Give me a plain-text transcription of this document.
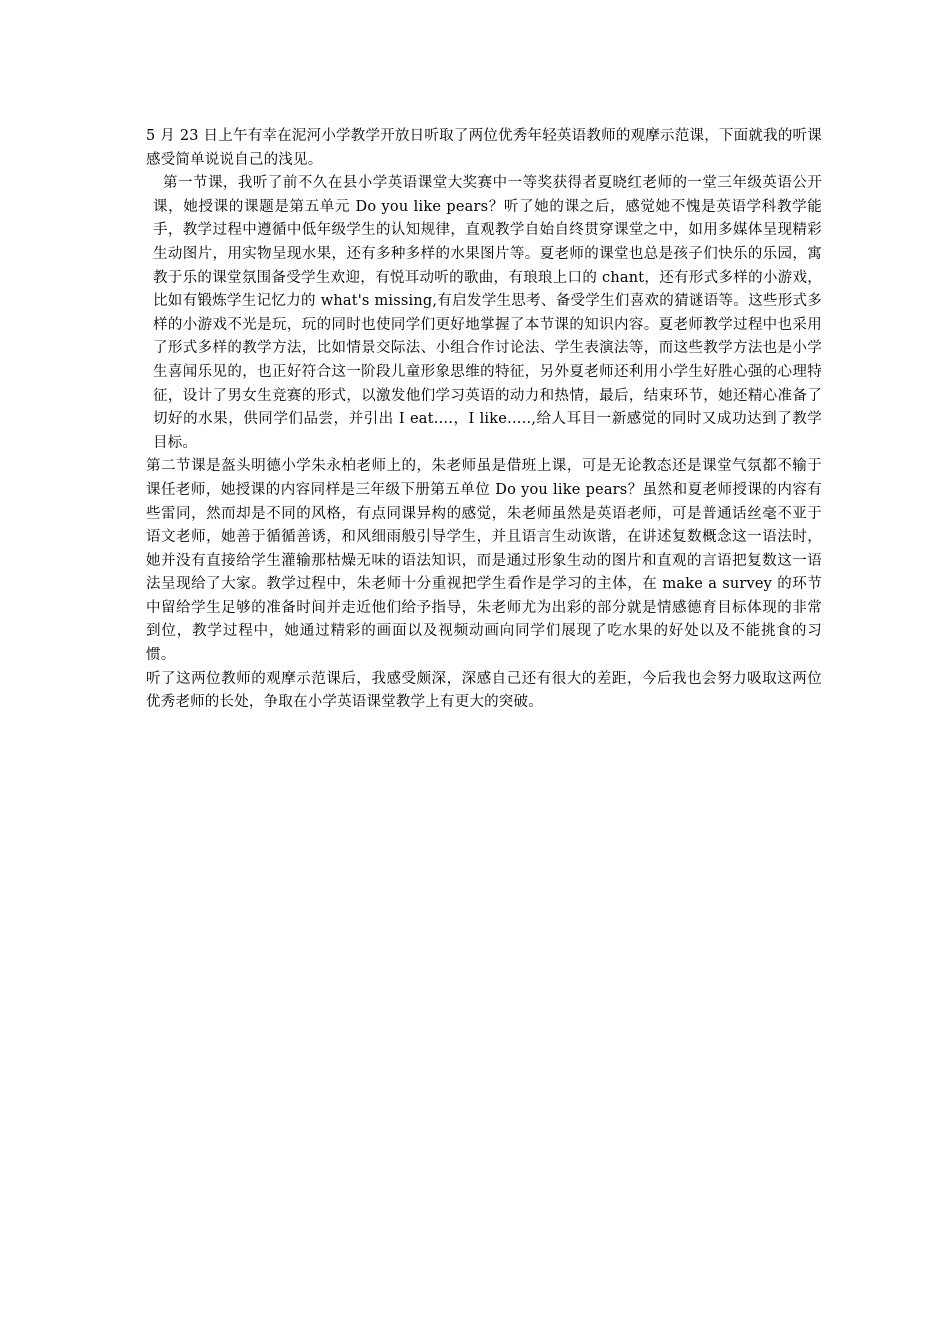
5 月 23 日上午有幸在泥河小学教学开放日听取了两位优秀年轻英语教师的观摩示范课，下面就我的听课感受简单说说自己的浅见。

第一节课，我听了前不久在县小学英语课堂大奖赛中一等奖获得者夏晓红老师的一堂三年级英语公开课，她授课的课题是第五单元 Do you like pears？听了她的课之后，感觉她不愧是英语学科教学能手，教学过程中遵循中低年级学生的认知规律，直观教学自始自终贯穿课堂之中，如用多媒体呈现精彩生动图片，用实物呈现水果，还有多种多样的水果图片等。夏老师的课堂也总是孩子们快乐的乐园，寓教于乐的课堂氛围备受学生欢迎，有悦耳动听的歌曲，有琅琅上口的 chant，还有形式多样的小游戏，比如有锻炼学生记忆力的 what's missing,有启发学生思考、备受学生们喜欢的猜谜语等。这些形式多样的小游戏不光是玩，玩的同时也使同学们更好地掌握了本节课的知识内容。夏老师教学过程中也采用了形式多样的教学方法，比如情景交际法、小组合作讨论法、学生表演法等，而这些教学方法也是小学生喜闻乐见的，也正好符合这一阶段儿童形象思维的特征，另外夏老师还利用小学生好胜心强的心理特征，设计了男女生竞赛的形式，以激发他们学习英语的动力和热情，最后，结束环节，她还精心准备了切好的水果，供同学们品尝，并引出 I eat….，I like…..,给人耳目一新感觉的同时又成功达到了教学目标。

第二节课是盔头明德小学朱永柏老师上的，朱老师虽是借班上课，可是无论教态还是课堂气氛都不输于课任老师，她授课的内容同样是三年级下册第五单位 Do you like pears？虽然和夏老师授课的内容有些雷同，然而却是不同的风格，有点同课异构的感觉，朱老师虽然是英语老师，可是普通话丝毫不亚于语文老师，她善于循循善诱，和风细雨般引导学生，并且语言生动诙谐，在讲述复数概念这一语法时，她并没有直接给学生灌输那枯燥无味的语法知识，而是通过形象生动的图片和直观的言语把复数这一语法呈现给了大家。教学过程中，朱老师十分重视把学生看作是学习的主体，在 make a survey 的环节中留给学生足够的准备时间并走近他们给予指导，朱老师尤为出彩的部分就是情感德育目标体现的非常到位，教学过程中，她通过精彩的画面以及视频动画向同学们展现了吃水果的好处以及不能挑食的习惯。

听了这两位教师的观摩示范课后，我感受颇深，深感自己还有很大的差距，今后我也会努力吸取这两位优秀老师的长处，争取在小学英语课堂教学上有更大的突破。
